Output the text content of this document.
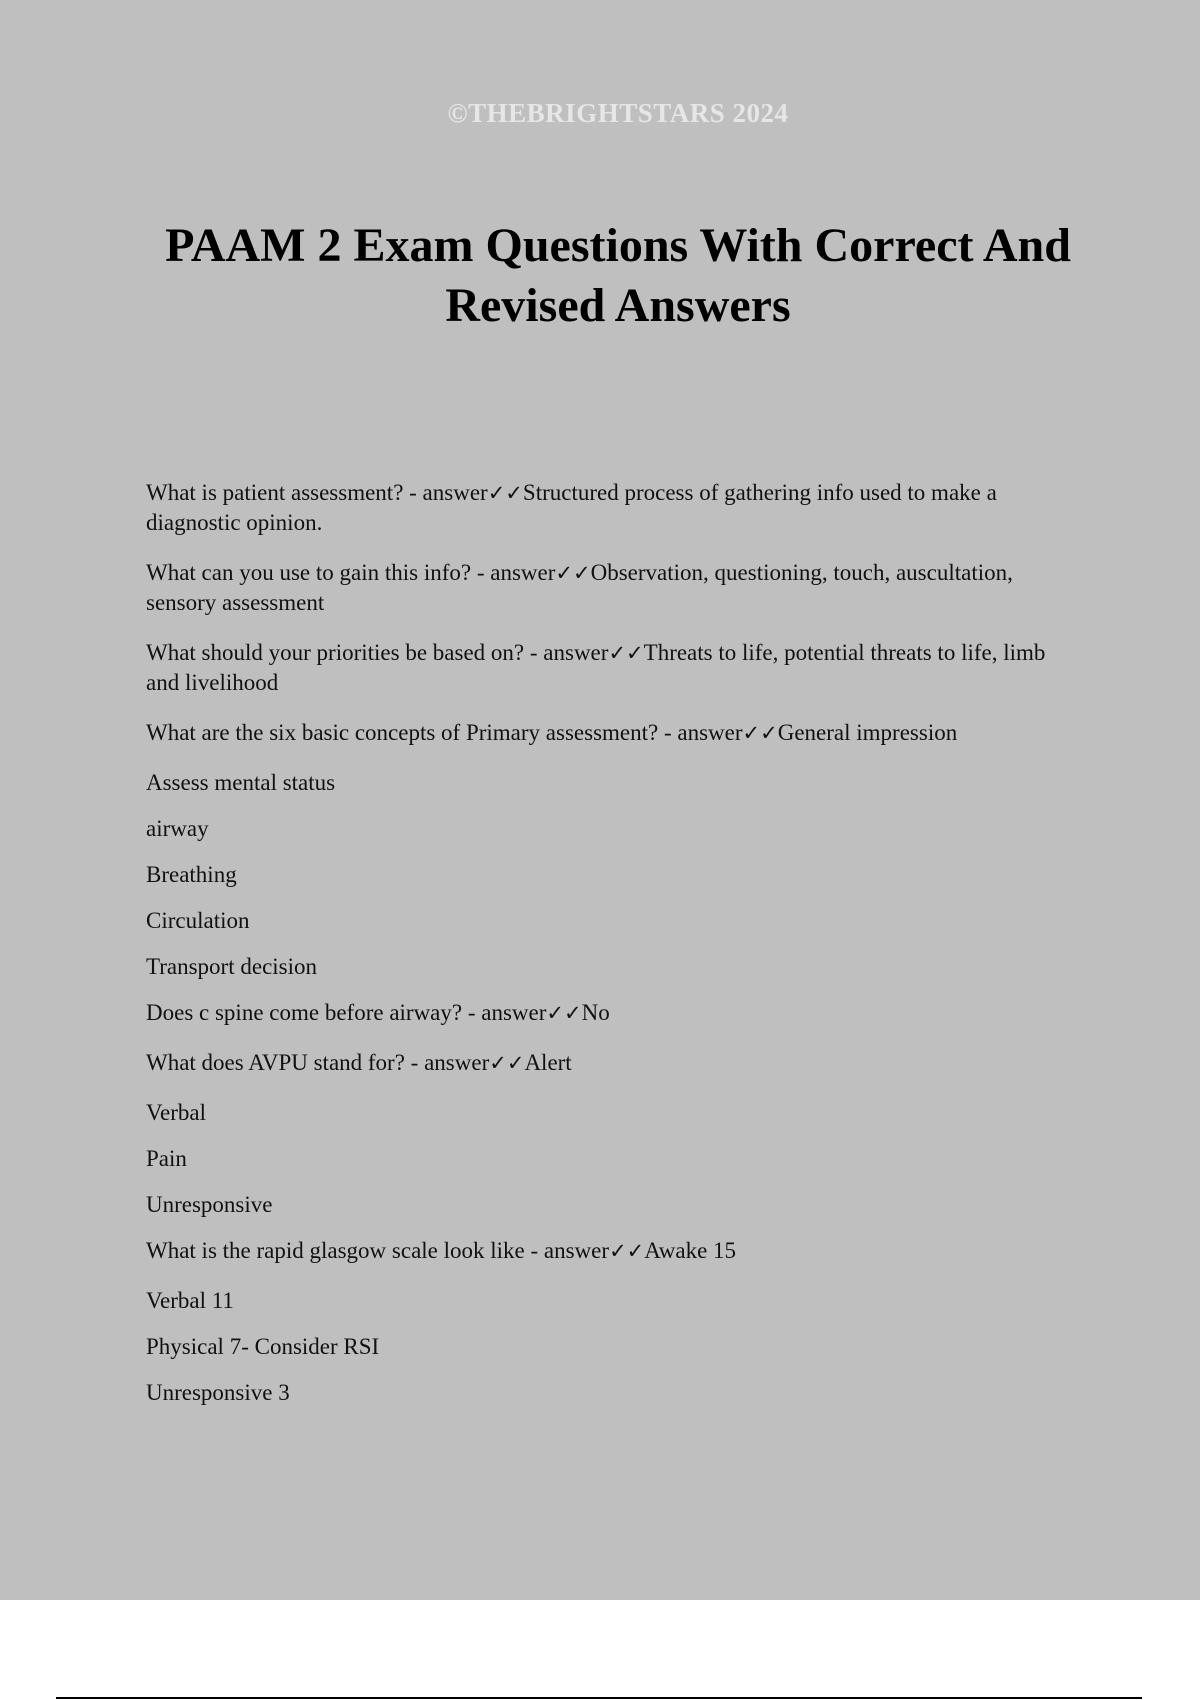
©THEBRIGHTSTARS 2024
PAAM 2 Exam Questions With Correct And Revised Answers

What is patient assessment? - answer✓✓Structured process of gathering info used to make a diagnostic opinion.

What can you use to gain this info? - answer✓✓Observation, questioning, touch, auscultation, sensory assessment

What should your priorities be based on? - answer✓✓Threats to life, potential threats to life, limb and livelihood

What are the six basic concepts of Primary assessment? - answer✓✓General impression

Assess mental status

airway

Breathing

Circulation

Transport decision

Does c spine come before airway? - answer✓✓No

What does AVPU stand for? - answer✓✓Alert

Verbal

Pain

Unresponsive

What is the rapid glasgow scale look like - answer✓✓Awake 15

Verbal 11

Physical 7- Consider RSI

Unresponsive 3
